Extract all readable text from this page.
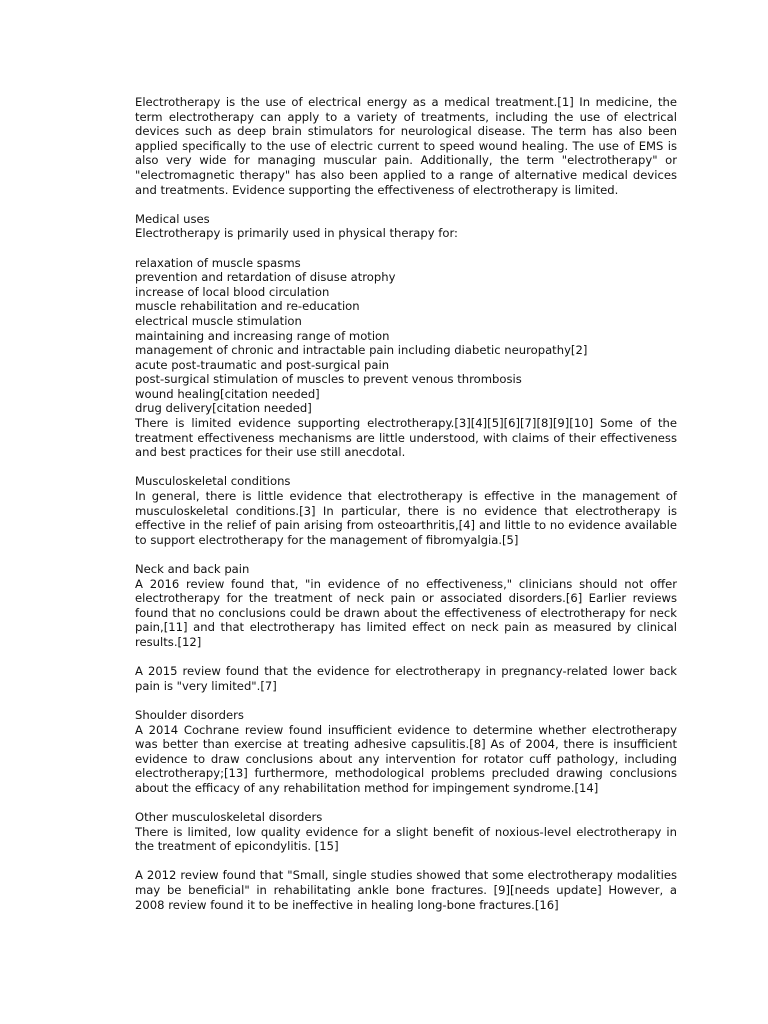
Electrotherapy is the use of electrical energy as a medical treatment.[1] In medicine, the term electrotherapy can apply to a variety of treatments, including the use of electrical devices such as deep brain stimulators for neurological disease. The term has also been applied specifically to the use of electric current to speed wound healing. The use of EMS is also very wide for managing muscular pain. Additionally, the term "electrotherapy" or "electromagnetic therapy" has also been applied to a range of alternative medical devices and treatments. Evidence supporting the effectiveness of electrotherapy is limited.

Medical uses

Electrotherapy is primarily used in physical therapy for:

relaxation of muscle spasms

prevention and retardation of disuse atrophy

increase of local blood circulation

muscle rehabilitation and re-education

electrical muscle stimulation

maintaining and increasing range of motion

management of chronic and intractable pain including diabetic neuropathy[2]

acute post-traumatic and post-surgical pain

post-surgical stimulation of muscles to prevent venous thrombosis

wound healing[citation needed]

drug delivery[citation needed]

There is limited evidence supporting electrotherapy.[3][4][5][6][7][8][9][10] Some of the treatment effectiveness mechanisms are little understood, with claims of their effectiveness and best practices for their use still anecdotal.

Musculoskeletal conditions

In general, there is little evidence that electrotherapy is effective in the management of musculoskeletal conditions.[3] In particular, there is no evidence that electrotherapy is effective in the relief of pain arising from osteoarthritis,[4] and little to no evidence available to support electrotherapy for the management of fibromyalgia.[5]

Neck and back pain

A 2016 review found that, "in evidence of no effectiveness," clinicians should not offer electrotherapy for the treatment of neck pain or associated disorders.[6] Earlier reviews found that no conclusions could be drawn about the effectiveness of electrotherapy for neck pain,[11] and that electrotherapy has limited effect on neck pain as measured by clinical results.[12]

A 2015 review found that the evidence for electrotherapy in pregnancy-related lower back pain is "very limited".[7]

Shoulder disorders

A 2014 Cochrane review found insufficient evidence to determine whether electrotherapy was better than exercise at treating adhesive capsulitis.[8] As of 2004, there is insufficient evidence to draw conclusions about any intervention for rotator cuff pathology, including electrotherapy;[13] furthermore, methodological problems precluded drawing conclusions about the efficacy of any rehabilitation method for impingement syndrome.[14]

Other musculoskeletal disorders

There is limited, low quality evidence for a slight benefit of noxious-level electrotherapy in the treatment of epicondylitis. [15]

A 2012 review found that "Small, single studies showed that some electrotherapy modalities may be beneficial" in rehabilitating ankle bone fractures. [9][needs update] However, a 2008 review found it to be ineffective in healing long-bone fractures.[16]
